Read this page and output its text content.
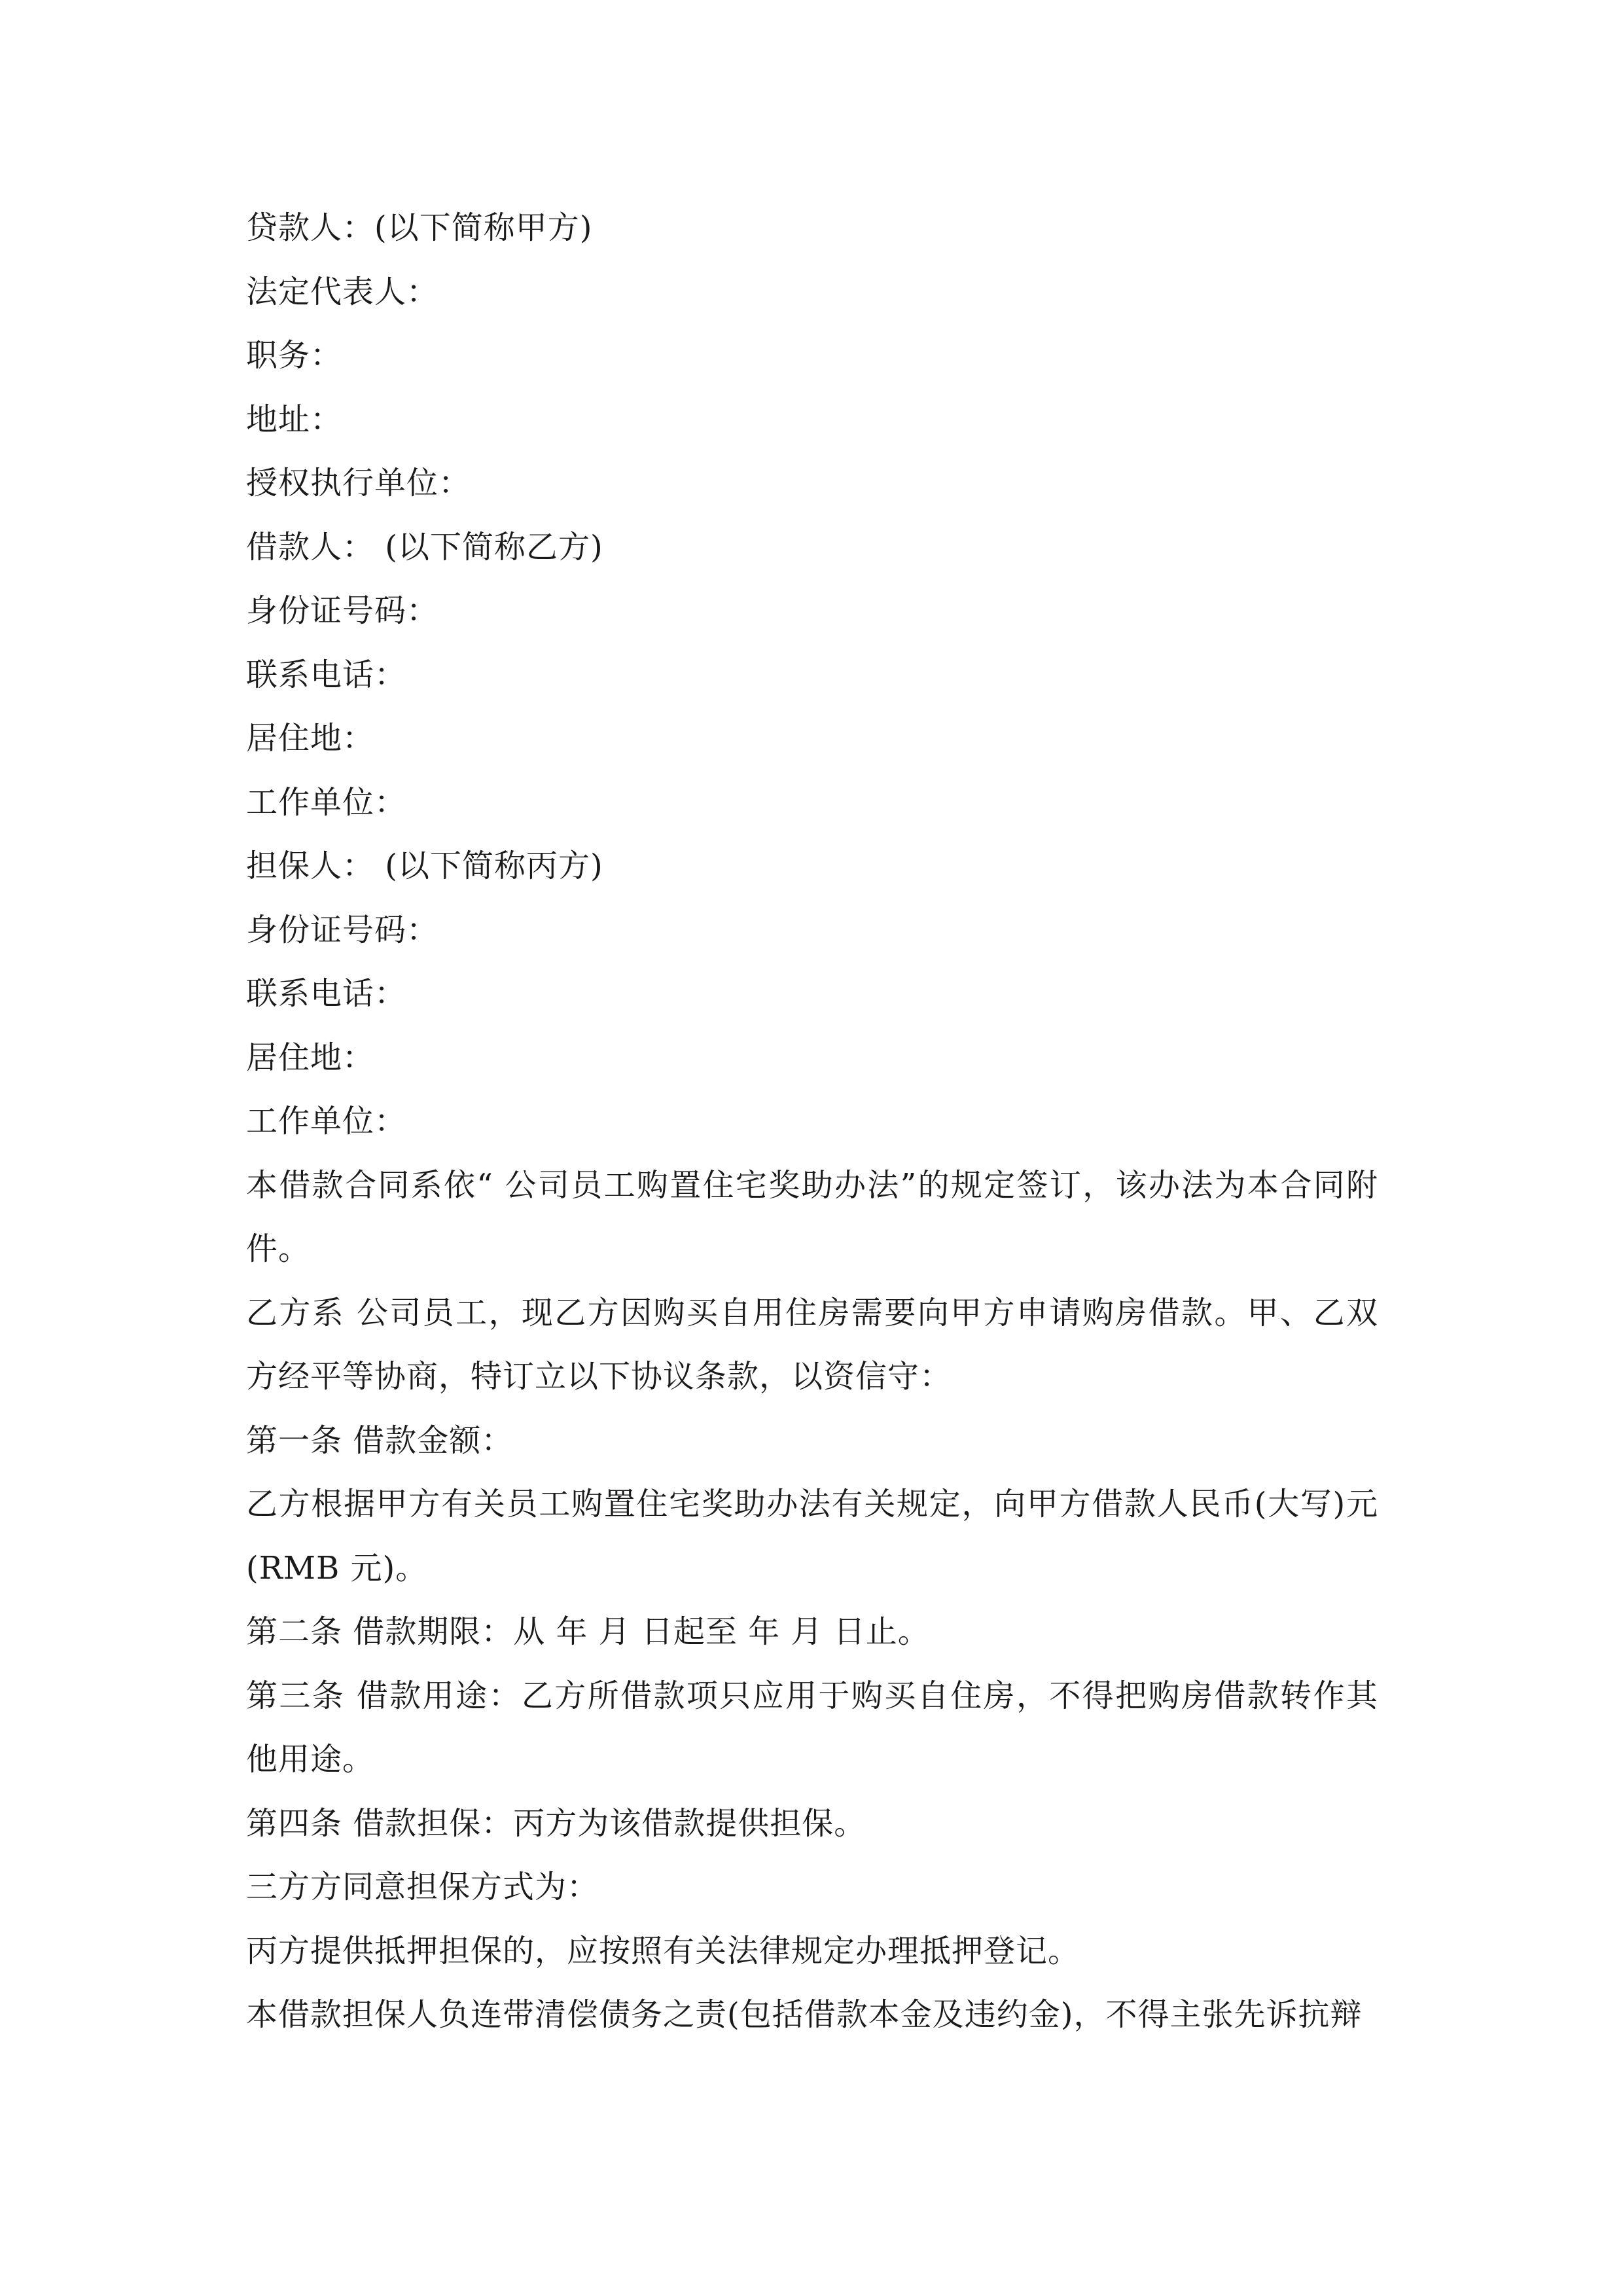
贷款人：(以下简称甲方)

法定代表人：

职务：

地址：

授权执行单位：

借款人： (以下简称乙方)

身份证号码：

联系电话：

居住地：

工作单位：

担保人： (以下简称丙方)

身份证号码：

联系电话：

居住地：

工作单位：

本借款合同系依“ 公司员工购置住宅奖助办法”的规定签订，该办法为本合同附件。

乙方系 公司员工，现乙方因购买自用住房需要向甲方申请购房借款。甲、乙双方经平等协商，特订立以下协议条款，以资信守：

第一条 借款金额：

乙方根据甲方有关员工购置住宅奖助办法有关规定，向甲方借款人民币(大写)元(RMB 元)。

第二条 借款期限：从 年 月 日起至 年 月 日止。

第三条 借款用途：乙方所借款项只应用于购买自住房，不得把购房借款转作其他用途。

第四条 借款担保：丙方为该借款提供担保。

三方方同意担保方式为：

丙方提供抵押担保的，应按照有关法律规定办理抵押登记。

本借款担保人负连带清偿债务之责(包括借款本金及违约金)，不得主张先诉抗辩
